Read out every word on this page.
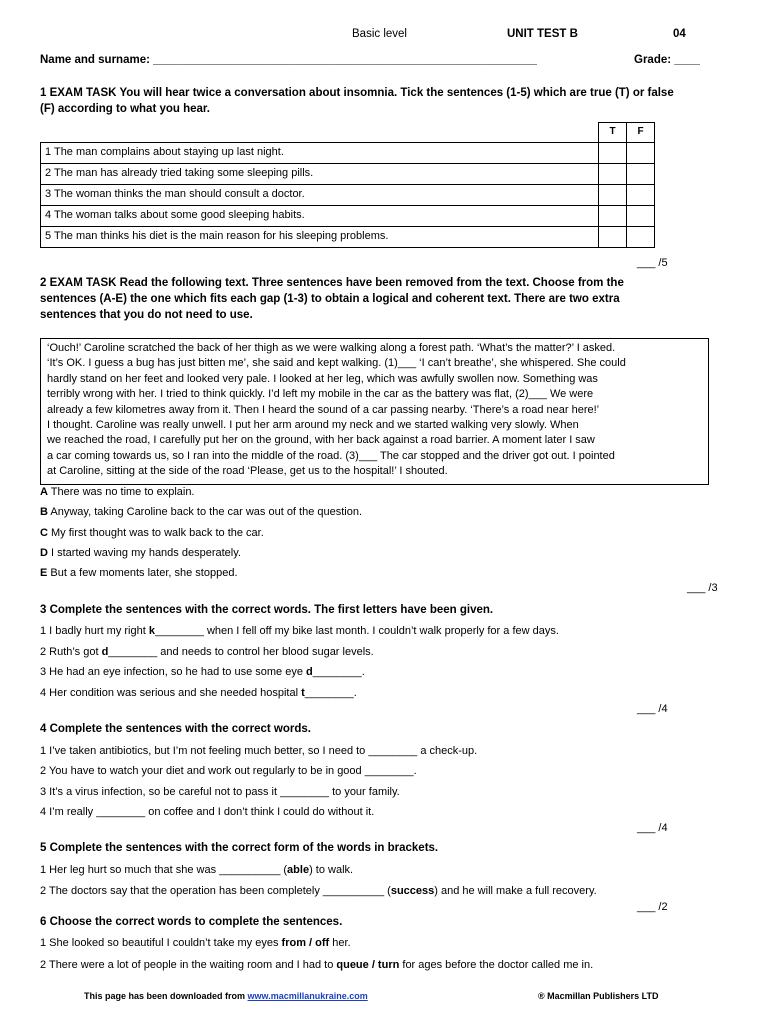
Basic level	UNIT TEST B	04
Name and surname: ____________________________________________________________	Grade: ____
1 EXAM TASK You will hear twice a conversation about insomnia. Tick the sentences (1-5) which are true (T) or false
(F) according to what you hear.
	T	F
1 The man complains about staying up last night.		
2 The man has already tried taking some sleeping pills.		
3 The woman thinks the man should consult a doctor.		
4 The woman talks about some good sleeping habits.		
5 The man thinks his diet is the main reason for his sleeping problems.		
___ /5
2 EXAM TASK Read the following text. Three sentences have been removed from the text. Choose from the
sentences (A-E) the one which fits each gap (1-3) to obtain a logical and coherent text. There are two extra
sentences that you do not need to use.
‘Ouch!’ Caroline scratched the back of her thigh as we were walking along a forest path. ‘What’s the matter?’ I asked.
‘It’s OK. I guess a bug has just bitten me’, she said and kept walking. (1)___ ‘I can’t breathe’, she whispered. She could
hardly stand on her feet and looked very pale. I looked at her leg, which was awfully swollen now. Something was
terribly wrong with her. I tried to think quickly. I’d left my mobile in the car as the battery was flat, (2)___ We were
already a few kilometres away from it. Then I heard the sound of a car passing nearby. ‘There’s a road near here!’
I thought. Caroline was really unwell. I put her arm around my neck and we started walking very slowly. When
we reached the road, I carefully put her on the ground, with her back against a road barrier. A moment later I saw
a car coming towards us, so I ran into the middle of the road. (3)___ The car stopped and the driver got out. I pointed
at Caroline, sitting at the side of the road ‘Please, get us to the hospital!’ I shouted.
A There was no time to explain.
B Anyway, taking Caroline back to the car was out of the question.
C My first thought was to walk back to the car.
D I started waving my hands desperately.
E But a few moments later, she stopped.
___ /3
3 Complete the sentences with the correct words. The first letters have been given.
1 I badly hurt my right k________ when I fell off my bike last month. I couldn’t walk properly for a few days.
2 Ruth’s got d________ and needs to control her blood sugar levels.
3 He had an eye infection, so he had to use some eye d________.
4 Her condition was serious and she needed hospital t________.
___ /4
4 Complete the sentences with the correct words.
1 I’ve taken antibiotics, but I’m not feeling much better, so I need to ________ a check-up.
2 You have to watch your diet and work out regularly to be in good ________.
3 It’s a virus infection, so be careful not to pass it ________ to your family.
4 I’m really ________ on coffee and I don’t think I could do without it.
___ /4
5 Complete the sentences with the correct form of the words in brackets.
1 Her leg hurt so much that she was __________ (able) to walk.
2 The doctors say that the operation has been completely __________ (success) and he will make a full recovery.
___ /2
6 Choose the correct words to complete the sentences.
1 She looked so beautiful I couldn’t take my eyes from / off her.
2 There were a lot of people in the waiting room and I had to queue / turn for ages before the doctor called me in.
This page has been downloaded from www.macmillanukraine.com	® Macmillan Publishers LTD
